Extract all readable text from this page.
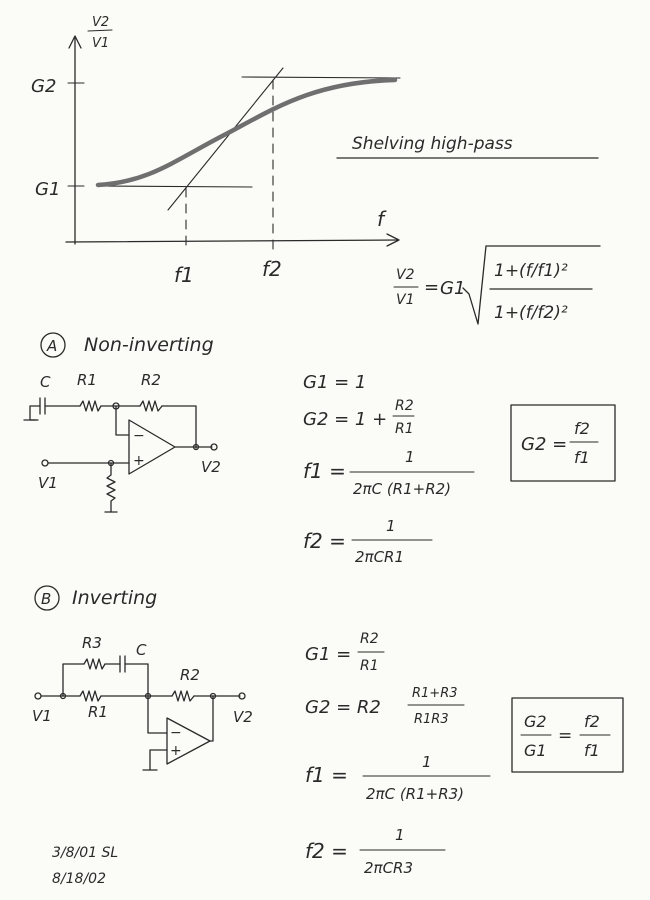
V2
V1
f
G2
G1
f1	f2
Shelving high-pass
V2
V1
= G1
1+(f/f1)²
1+(f/f2)²
A Non-inverting
C R1	R2
−
+	V2
V1
G1 = 1
G2 = 1 +
R2
R1
f1 =
1
2πC (R1+R2)
f2 =
1
2πCR1
G2 =
f2
f1
B Inverting
R3 C
R2
R1
V1	V2
−
+
G1 =
R2
R1
G2 = R2
R1+R3
R1R3
f1 =
1
2πC (R1+R3)
f2 =
1
2πCR3
G2
G1
=
f2
f1
3/8/01 SL
8/18/02
